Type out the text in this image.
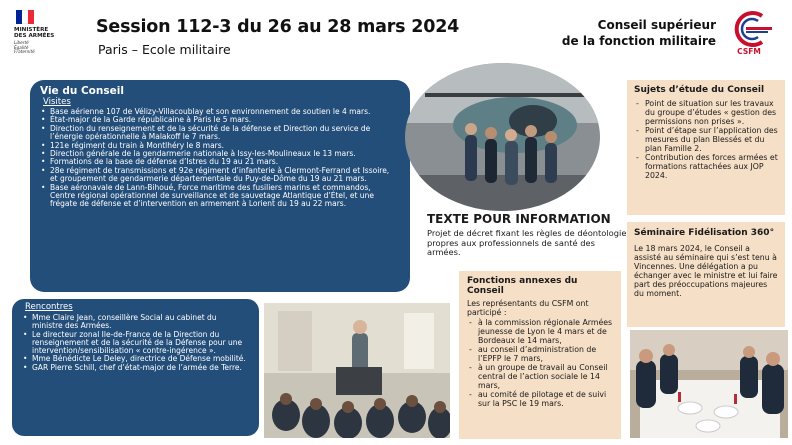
MINISTÈRE
DES ARMÉES
Liberté
Égalité
Fraternité
Session 112-3 du 26 au 28 mars 2024
Paris – Ecole militaire
Conseil supérieur
de la fonction militaire
CSFM
Vie du Conseil
Visites
• Base aérienne 107 de Vélizy-Villacoublay et son environnement de soutien le 4 mars.
• État-major de la Garde républicaine à Paris le 5 mars.
• Direction du renseignement et de la sécurité de la défense et Direction du service de l’énergie opérationnelle à Malakoff le 7 mars.
• 121e régiment du train à Montlhéry le 8 mars.
• Direction générale de la gendarmerie nationale à Issy-les-Moulineaux le 13 mars.
• Formations de la base de défense d’Istres du 19 au 21 mars.
• 28e régiment de transmissions et 92e régiment d’infanterie à Clermont-Ferrand et Issoire, et groupement de gendarmerie départementale du Puy-de-Dôme du 19 au 21 mars.
• Base aéronavale de Lann-Bihoué, Force maritime des fusiliers marins et commandos, Centre régional opérationnel de surveillance et de sauvetage Atlantique d’Étel, et une frégate de défense et d’intervention en armement à Lorient du 19 au 22 mars.
Rencontres
• Mme Claire Jean, conseillère Social au cabinet du ministre des Armées.
• Le directeur zonal Ile-de-France de la Direction du renseignement et de la sécurité de la Défense pour une intervention/sensibilisation « contre-ingérence ».
• Mme Bénédicte Le Deley, directrice de Défense mobilité.
• GAR Pierre Schill, chef d’état-major de l’armée de Terre.
TEXTE POUR INFORMATION
Projet de décret fixant les règles de déontologie propres aux professionnels de santé des armées.
Fonctions annexes du Conseil

Les représentants du CSFM ont participé :

- à la commission régionale Armées jeunesse de Lyon le 4 mars et de Bordeaux le 14 mars,
- au conseil d’administration de l’EPFP le 7 mars,
- à un groupe de travail au Conseil central de l’action sociale le 14 mars,
- au comité de pilotage et de suivi sur la PSC le 19 mars.
Sujets d’étude du Conseil
- Point de situation sur les travaux du groupe d’études « gestion des permissions non prises ».
- Point d’étape sur l’application des mesures du plan Blessés et du plan Famille 2.
- Contribution des forces armées et formations rattachées aux JOP 2024.
Séminaire Fidélisation 360°

Le 18 mars 2024, le Conseil a assisté au séminaire qui s’est tenu à Vincennes. Une délégation a pu échanger avec le ministre et lui faire part des préoccupations majeures du moment.
